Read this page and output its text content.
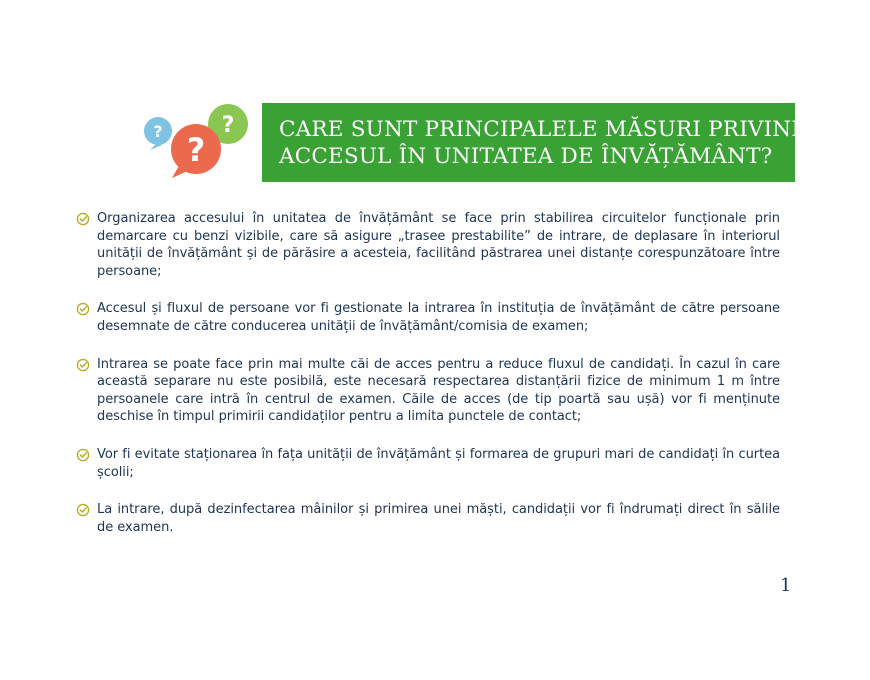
?	?
?
CARE SUNT PRINCIPALELE MĂSURI PRIVIND
ACCESUL ÎN UNITATEA DE ÎNVĂȚĂMÂNT?
Organizarea accesului în unitatea de învățământ se face prin stabilirea circuitelor funcționale prin demarcare cu benzi vizibile, care să asigure „trasee prestabilite” de intrare, de deplasare în interiorul unității de învățământ și de părăsire a acesteia, facilitând păstrarea unei distanțe corespunzătoare între persoane;
Accesul și fluxul de persoane vor fi gestionate la intrarea în instituția de învățământ de către persoane desemnate de către conducerea unității de învățământ/comisia de examen;
Intrarea se poate face prin mai multe căi de acces pentru a reduce fluxul de candidați. În cazul în care această separare nu este posibilă, este necesară respectarea distanțării fizice de minimum 1 m între persoanele care intră în centrul de examen. Căile de acces (de tip poartă sau ușă) vor fi menținute deschise în timpul primirii candidaților pentru a limita punctele de contact;
Vor fi evitate staționarea în fața unității de învățământ și formarea de grupuri mari de candidați în curtea școlii;
La intrare, după dezinfectarea mâinilor și primirea unei măști, candidații vor fi îndrumați direct în sălile de examen.
1
